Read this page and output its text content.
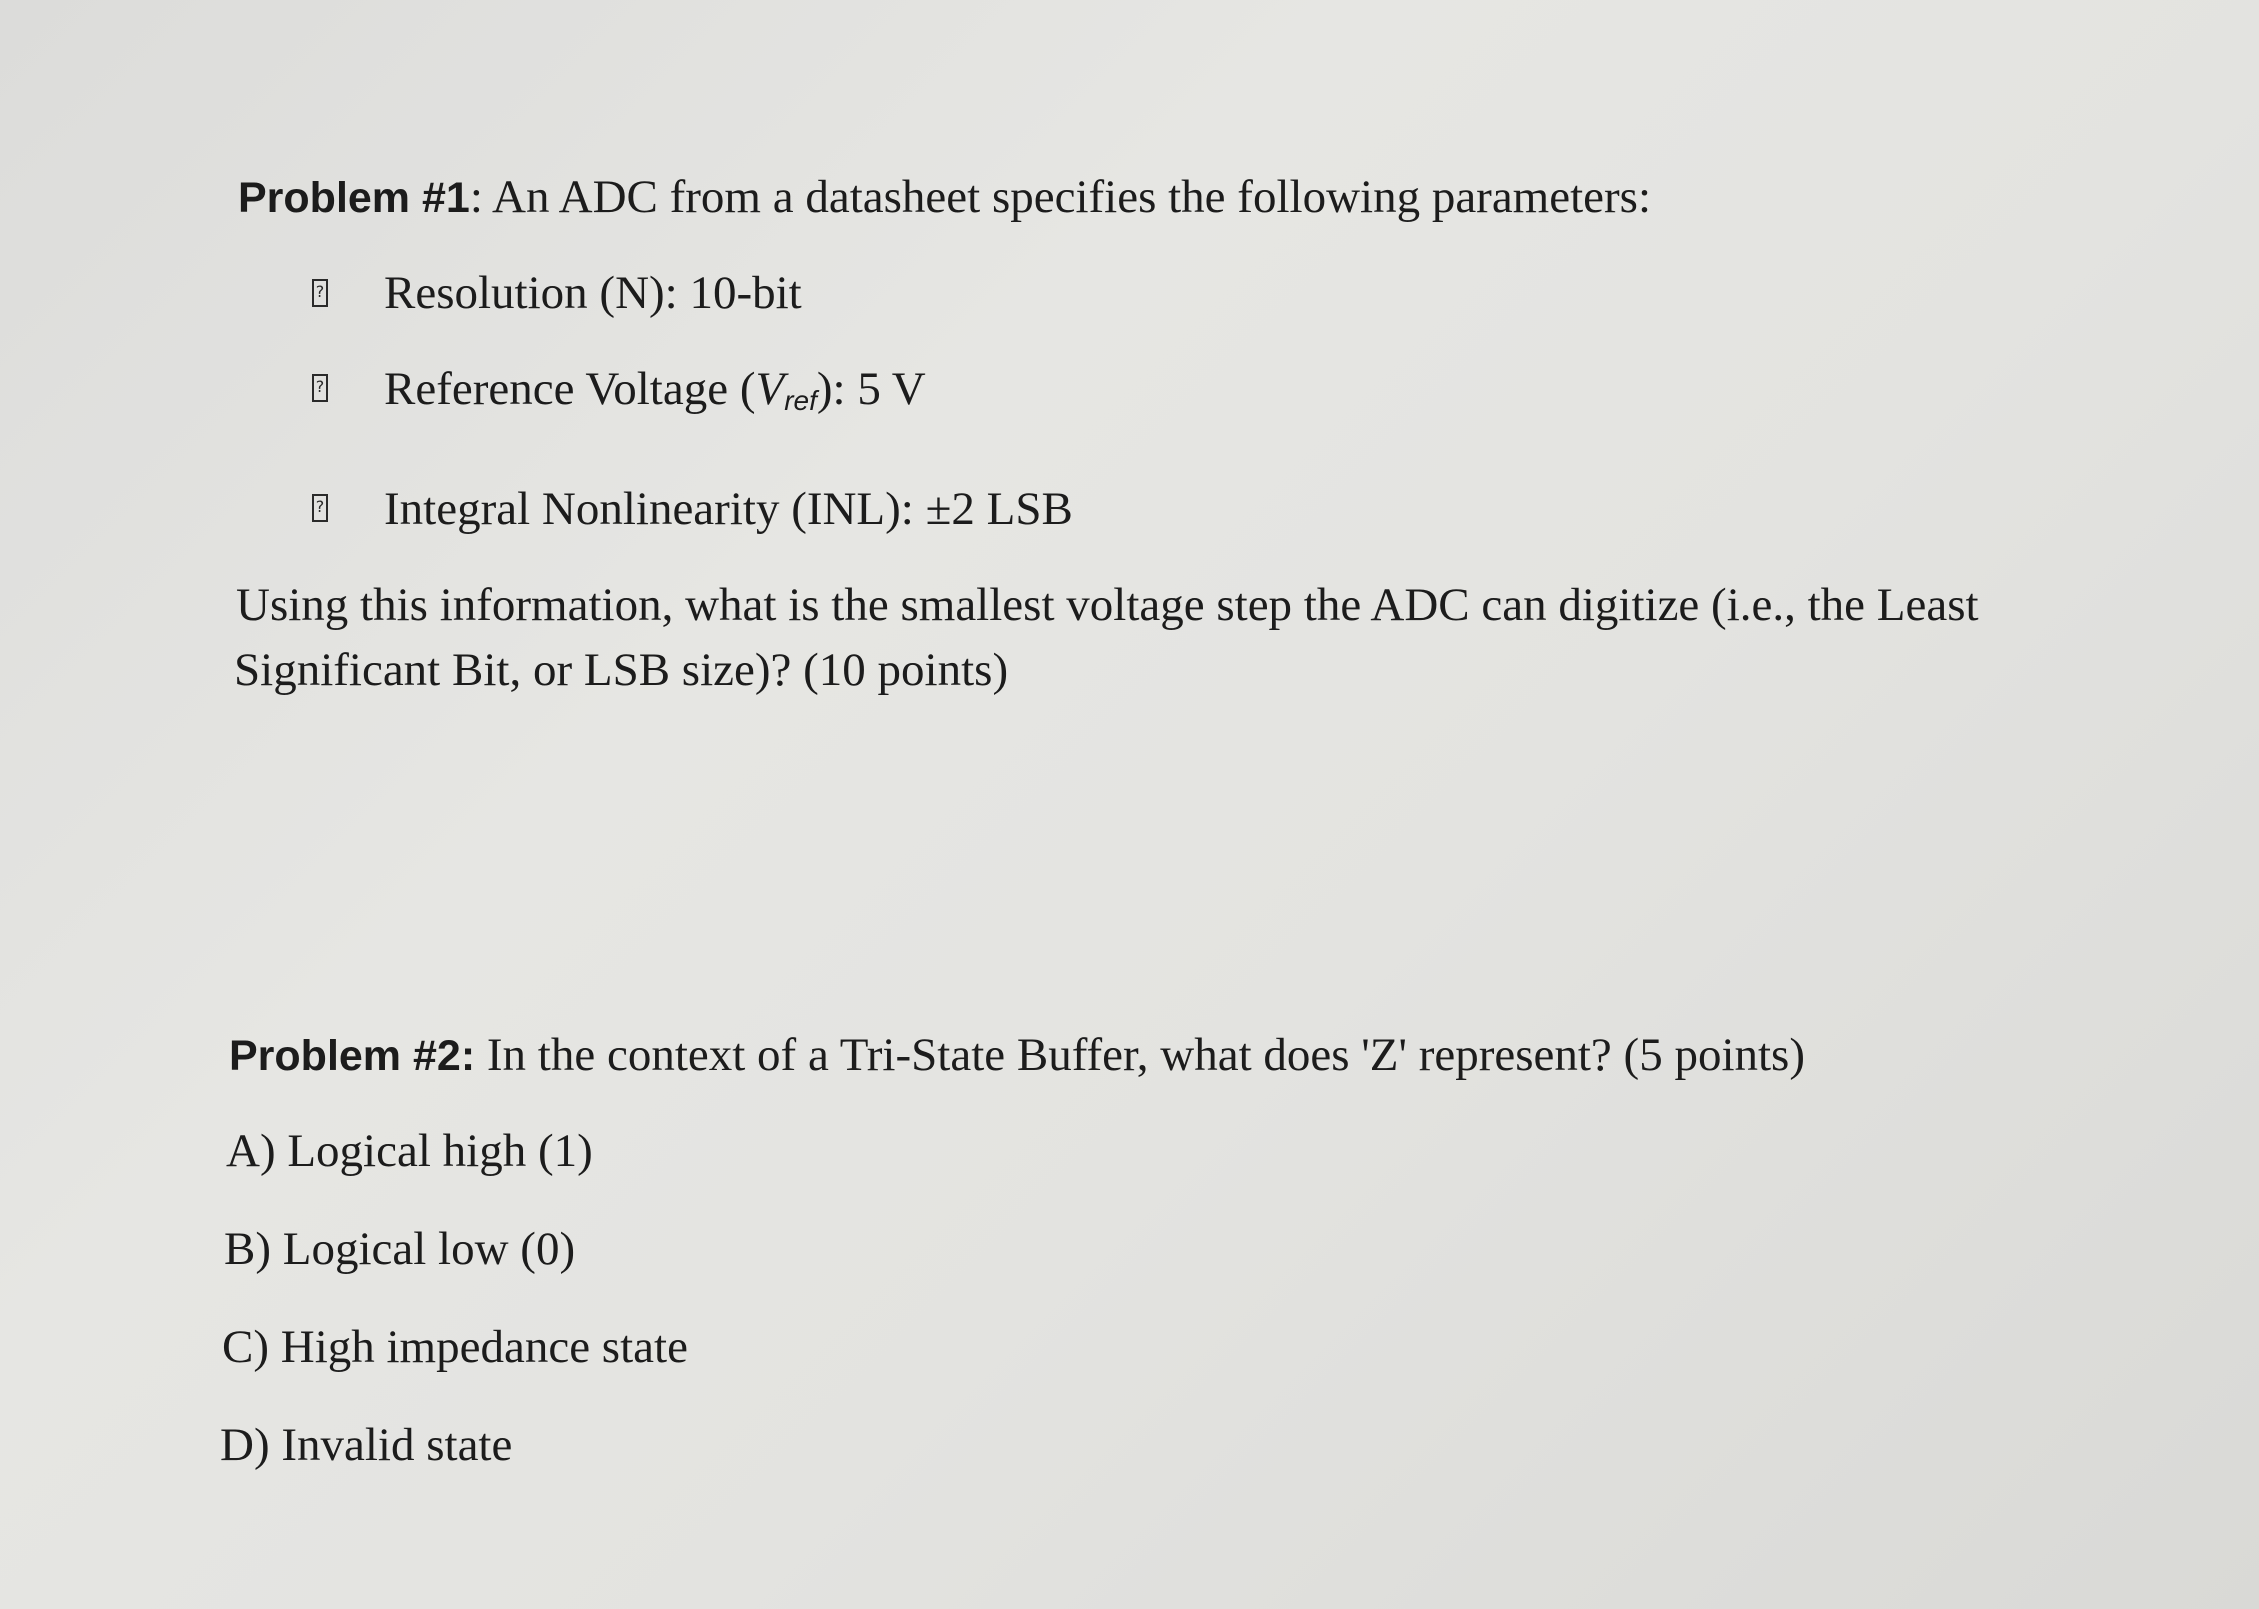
Problem #1: An ADC from a datasheet specifies the following parameters:
? Resolution (N): 10-bit
? Reference Voltage (Vref): 5 V
? Integral Nonlinearity (INL): ±2 LSB
Using this information, what is the smallest voltage step the ADC can digitize (i.e., the Least
Significant Bit, or LSB size)? (10 points)
Problem #2: In the context of a Tri-State Buffer, what does 'Z' represent? (5 points)
A) Logical high (1)
B) Logical low (0)
C) High impedance state
D) Invalid state
